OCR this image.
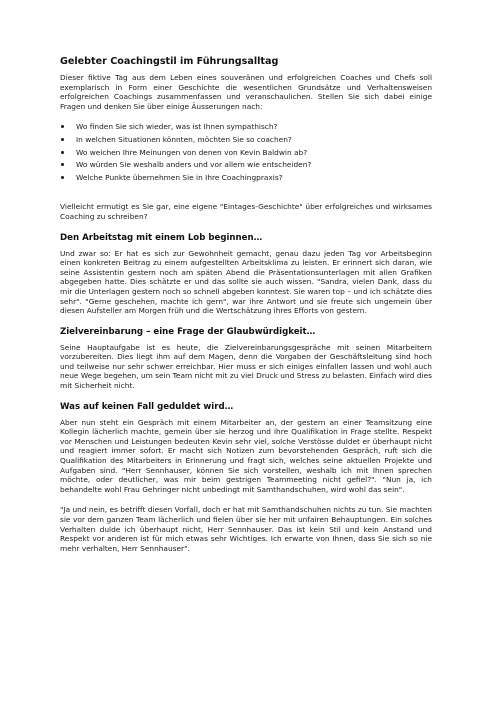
Gelebter Coachingstil im Führungsalltag

Dieser fiktive Tag aus dem Leben eines souveränen und erfolgreichen Coaches und Chefs soll exemplarisch in Form einer Geschichte die wesentlichen Grundsätze und Verhaltensweisen erfolgreichen Coachings zusammenfassen und veranschaulichen. Stellen Sie sich dabei einige Fragen und denken Sie über einige Äusserungen nach:

Wo finden Sie sich wieder, was ist Ihnen sympathisch?
In welchen Situationen könnten, möchten Sie so coachen?
Wo weichen Ihre Meinungen von denen von Kevin Baldwin ab?
Wo würden Sie weshalb anders und vor allem wie entscheiden?
Welche Punkte übernehmen Sie in Ihre Coachingpraxis?

Vielleicht ermutigt es Sie gar, eine eigene "Eintages-Geschichte" über erfolgreiches und wirksames Coaching zu schreiben?

Den Arbeitstag mit einem Lob beginnen…

Und zwar so: Er hat es sich zur Gewohnheit gemacht, genau dazu jeden Tag vor Arbeitsbeginn einen konkreten Beitrag zu einem aufgestellten Arbeitsklima zu leisten. Er erinnert sich daran, wie seine Assistentin gestern noch am späten Abend die Präsentationsunterlagen mit allen Grafiken abgegeben hatte. Dies schätzte er und das sollte sie auch wissen. "Sandra, vielen Dank, dass du mir die Unterlagen gestern noch so schnell abgeben konntest. Sie waren top – und ich schätzte dies sehr". "Gerne geschehen, machte ich gern", war ihre Antwort und sie freute sich ungemein über diesen Aufsteller am Morgen früh und die Wertschätzung ihres Efforts von gestern.

Zielvereinbarung – eine Frage der Glaubwürdigkeit…

Seine Hauptaufgabe ist es heute, die Zielvereinbarungsgespräche mit seinen Mitarbeitern vorzubereiten. Dies liegt ihm auf dem Magen, denn die Vorgaben der Geschäftsleitung sind hoch und teilweise nur sehr schwer erreichbar. Hier muss er sich einiges einfallen lassen und wohl auch neue Wege begehen, um sein Team nicht mit zu viel Druck und Stress zu belasten. Einfach wird dies mit Sicherheit nicht.

Was auf keinen Fall geduldet wird…

Aber nun steht ein Gespräch mit einem Mitarbeiter an, der gestern an einer Teamsitzung eine Kollegin lächerlich machte, gemein über sie herzog und ihre Qualifikation in Frage stellte. Respekt vor Menschen und Leistungen bedeuten Kevin sehr viel, solche Verstösse duldet er überhaupt nicht und reagiert immer sofort. Er macht sich Notizen zum bevorstehenden Gespräch, ruft sich die Qualifikation des Mitarbeiters in Erinnerung und fragt sich, welches seine aktuellen Projekte und Aufgaben sind. "Herr Sennhauser, können Sie sich vorstellen, weshalb ich mit Ihnen sprechen möchte, oder deutlicher, was mir beim gestrigen Teammeeting nicht gefiel?". "Nun ja, ich behandelte wohl Frau Gehringer nicht unbedingt mit Samthandschuhen, wird wohl das sein".

"Ja und nein, es betrifft diesen Vorfall, doch er hat mit Samthandschuhen nichts zu tun. Sie machten sie vor dem ganzen Team lächerlich und fielen über sie her mit unfairen Behauptungen. Ein solches Verhalten dulde ich überhaupt nicht, Herr Sennhauser. Das ist kein Stil und kein Anstand und Respekt vor anderen ist für mich etwas sehr Wichtiges. Ich erwarte von Ihnen, dass Sie sich so nie mehr verhalten, Herr Sennhauser".
